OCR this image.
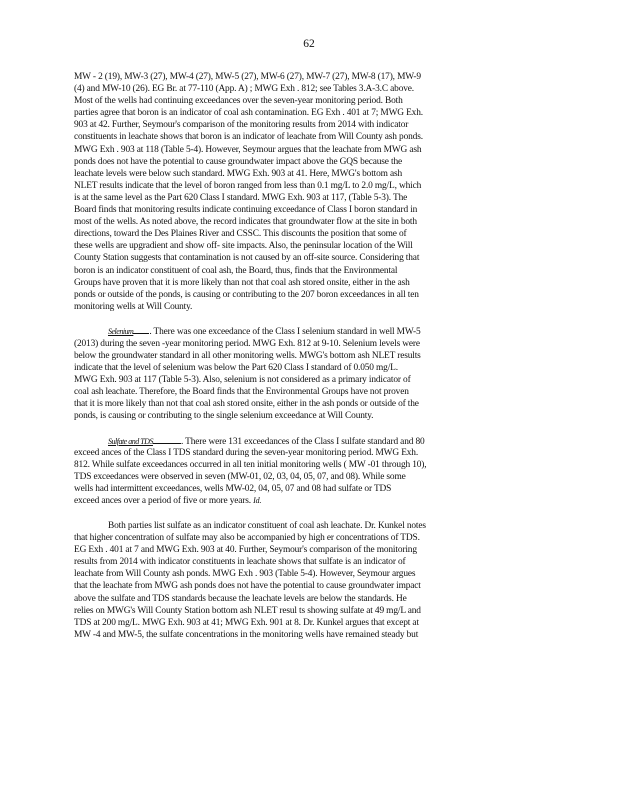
62
MW - 2 (19), MW-3 (27), MW-4 (27), MW-5 (27), MW-6 (27), MW-7 (27), MW-8 (17), MW-9
(4) and MW-10 (26). EG Br. at 77-110 (App. A) ; MWG Exh . 812; see Tables 3.A-3.C above.
Most of the wells had continuing exceedances over the seven-year monitoring period. Both
parties agree that boron is an indicator of coal ash contamination. EG Exh . 401 at 7; MWG Exh.
903 at 42. Further, Seymour's comparison of the monitoring results from 2014 with indicator
constituents in leachate shows that boron is an indicator of leachate from Will County ash ponds.
MWG Exh . 903 at 118 (Table 5-4). However, Seymour argues that the leachate from MWG ash
ponds does not have the potential to cause groundwater impact above the GQS because the
leachate levels were below such standard. MWG Exh. 903 at 41. Here, MWG's bottom ash
NLET results indicate that the level of boron ranged from less than 0.1 mg/L to 2.0 mg/L, which
is at the same level as the Part 620 Class I standard. MWG Exh. 903 at 117, (Table 5-3). The
Board finds that monitoring results indicate continuing exceedance of Class I boron standard in
most of the wells. As noted above, the record indicates that groundwater flow at the site in both
directions, toward the Des Plaines River and CSSC. This discounts the position that some of
these wells are upgradient and show off- site impacts. Also, the peninsular location of the Will
County Station suggests that contamination is not caused by an off-site source. Considering that
boron is an indicator constituent of coal ash, the Board, thus, finds that the Environmental
Groups have proven that it is more likely than not that coal ash stored onsite, either in the ash
ponds or outside of the ponds, is causing or contributing to the 207 boron exceedances in all ten
monitoring wells at Will County.
Selenium . There was one exceedance of the Class I selenium standard in well MW-5
(2013) during the seven -year monitoring period. MWG Exh. 812 at 9-10. Selenium levels were
below the groundwater standard in all other monitoring wells. MWG's bottom ash NLET results
indicate that the level of selenium was below the Part 620 Class I standard of 0.050 mg/L.
MWG Exh. 903 at 117 (Table 5-3). Also, selenium is not considered as a primary indicator of
coal ash leachate. Therefore, the Board finds that the Environmental Groups have not proven
that it is more likely than not that coal ash stored onsite, either in the ash ponds or outside of the
ponds, is causing or contributing to the single selenium exceedance at Will County.
Sulfate and TDS	. There were 131 exceedances of the Class I sulfate standard and 80
exceed ances of the Class I TDS standard during the seven-year monitoring period. MWG Exh.
812. While sulfate exceedances occurred in all ten initial monitoring wells ( MW -01 through 10),
TDS exceedances were observed in seven (MW-01, 02, 03, 04, 05, 07, and 08). While some
wells had intermittent exceedances, wells MW-02, 04, 05, 07 and 08 had sulfate or TDS
exceed ances over a period of five or more years. Id.
Both parties list sulfate as an indicator constituent of coal ash leachate. Dr. Kunkel notes
that higher concentration of sulfate may also be accompanied by high er concentrations of TDS.
EG Exh . 401 at 7 and MWG Exh. 903 at 40. Further, Seymour's comparison of the monitoring
results from 2014 with indicator constituents in leachate shows that sulfate is an indicator of
leachate from Will County ash ponds. MWG Exh . 903 (Table 5-4). However, Seymour argues
that the leachate from MWG ash ponds does not have the potential to cause groundwater impact
above the sulfate and TDS standards because the leachate levels are below the standards. He
relies on MWG's Will County Station bottom ash NLET resul ts showing sulfate at 49 mg/L and
TDS at 200 mg/L. MWG Exh. 903 at 41; MWG Exh. 901 at 8. Dr. Kunkel argues that except at
MW -4 and MW-5, the sulfate concentrations in the monitoring wells have remained steady but
